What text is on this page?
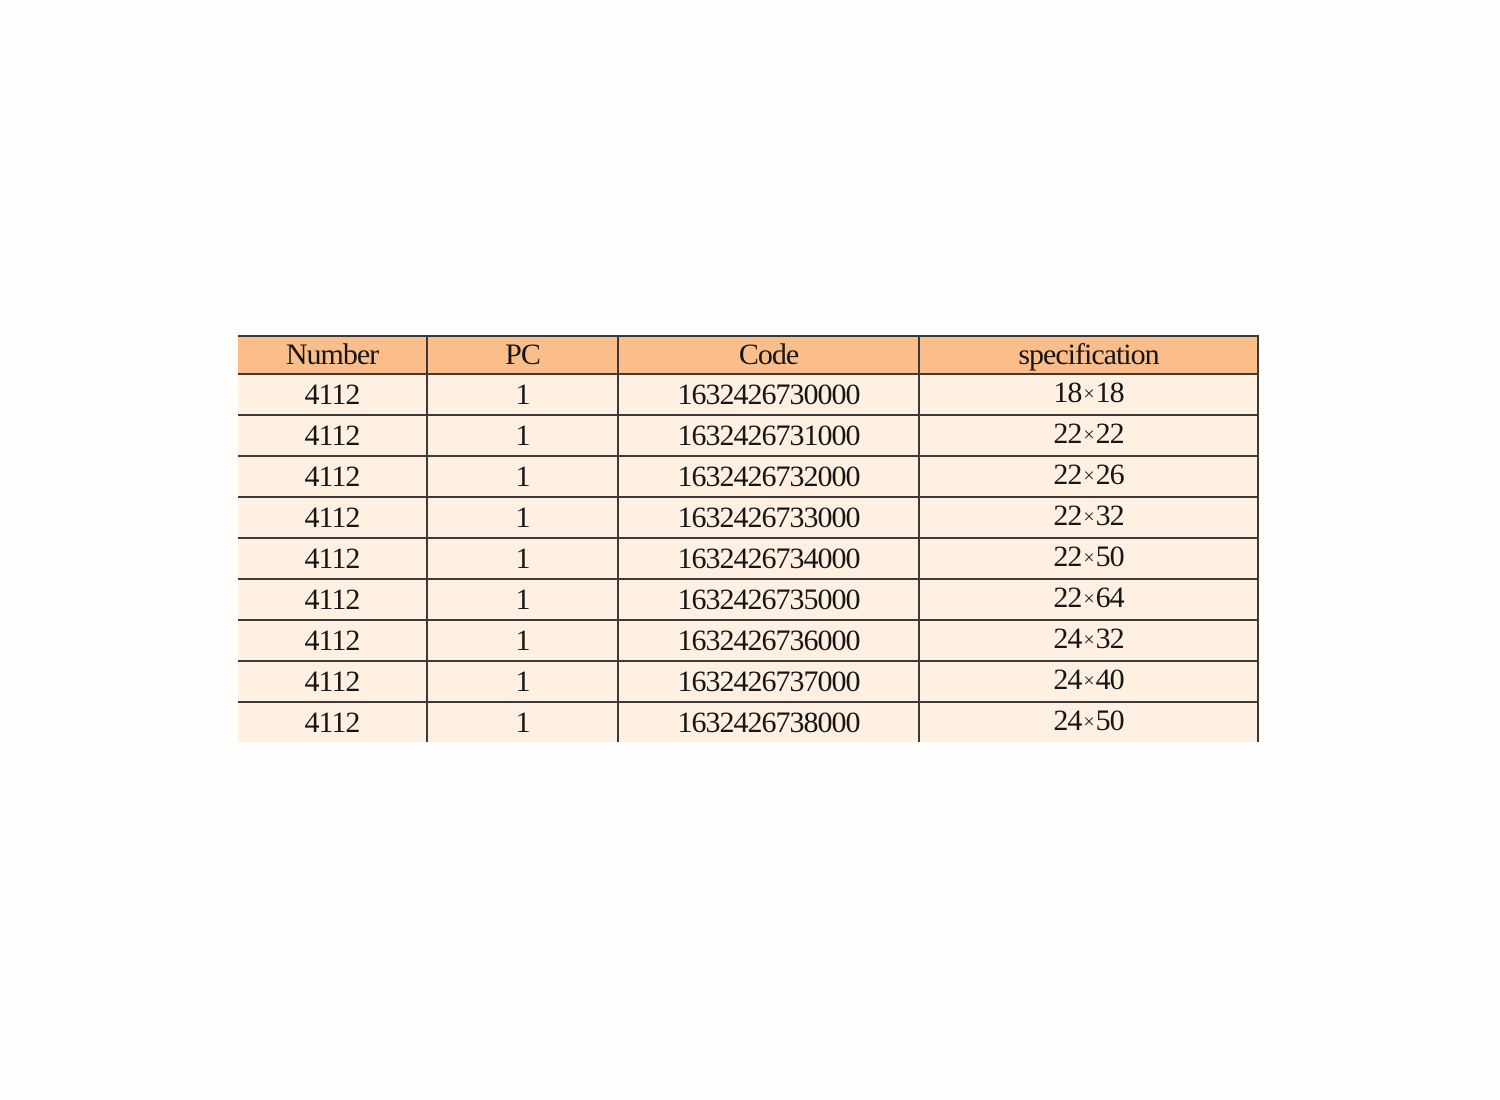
Number	PC	Code	specification
4112	1	1632426730000	18 ×18
4112	1	1632426731000	22 ×22
4112	1	1632426732000	22 ×26
4112	1	1632426733000	22 ×32
4112	1	1632426734000	22 ×50
4112	1	1632426735000	22 ×64
4112	1	1632426736000	24 ×32
4112	1	1632426737000	24 ×40
4112	1	1632426738000	24 ×50
